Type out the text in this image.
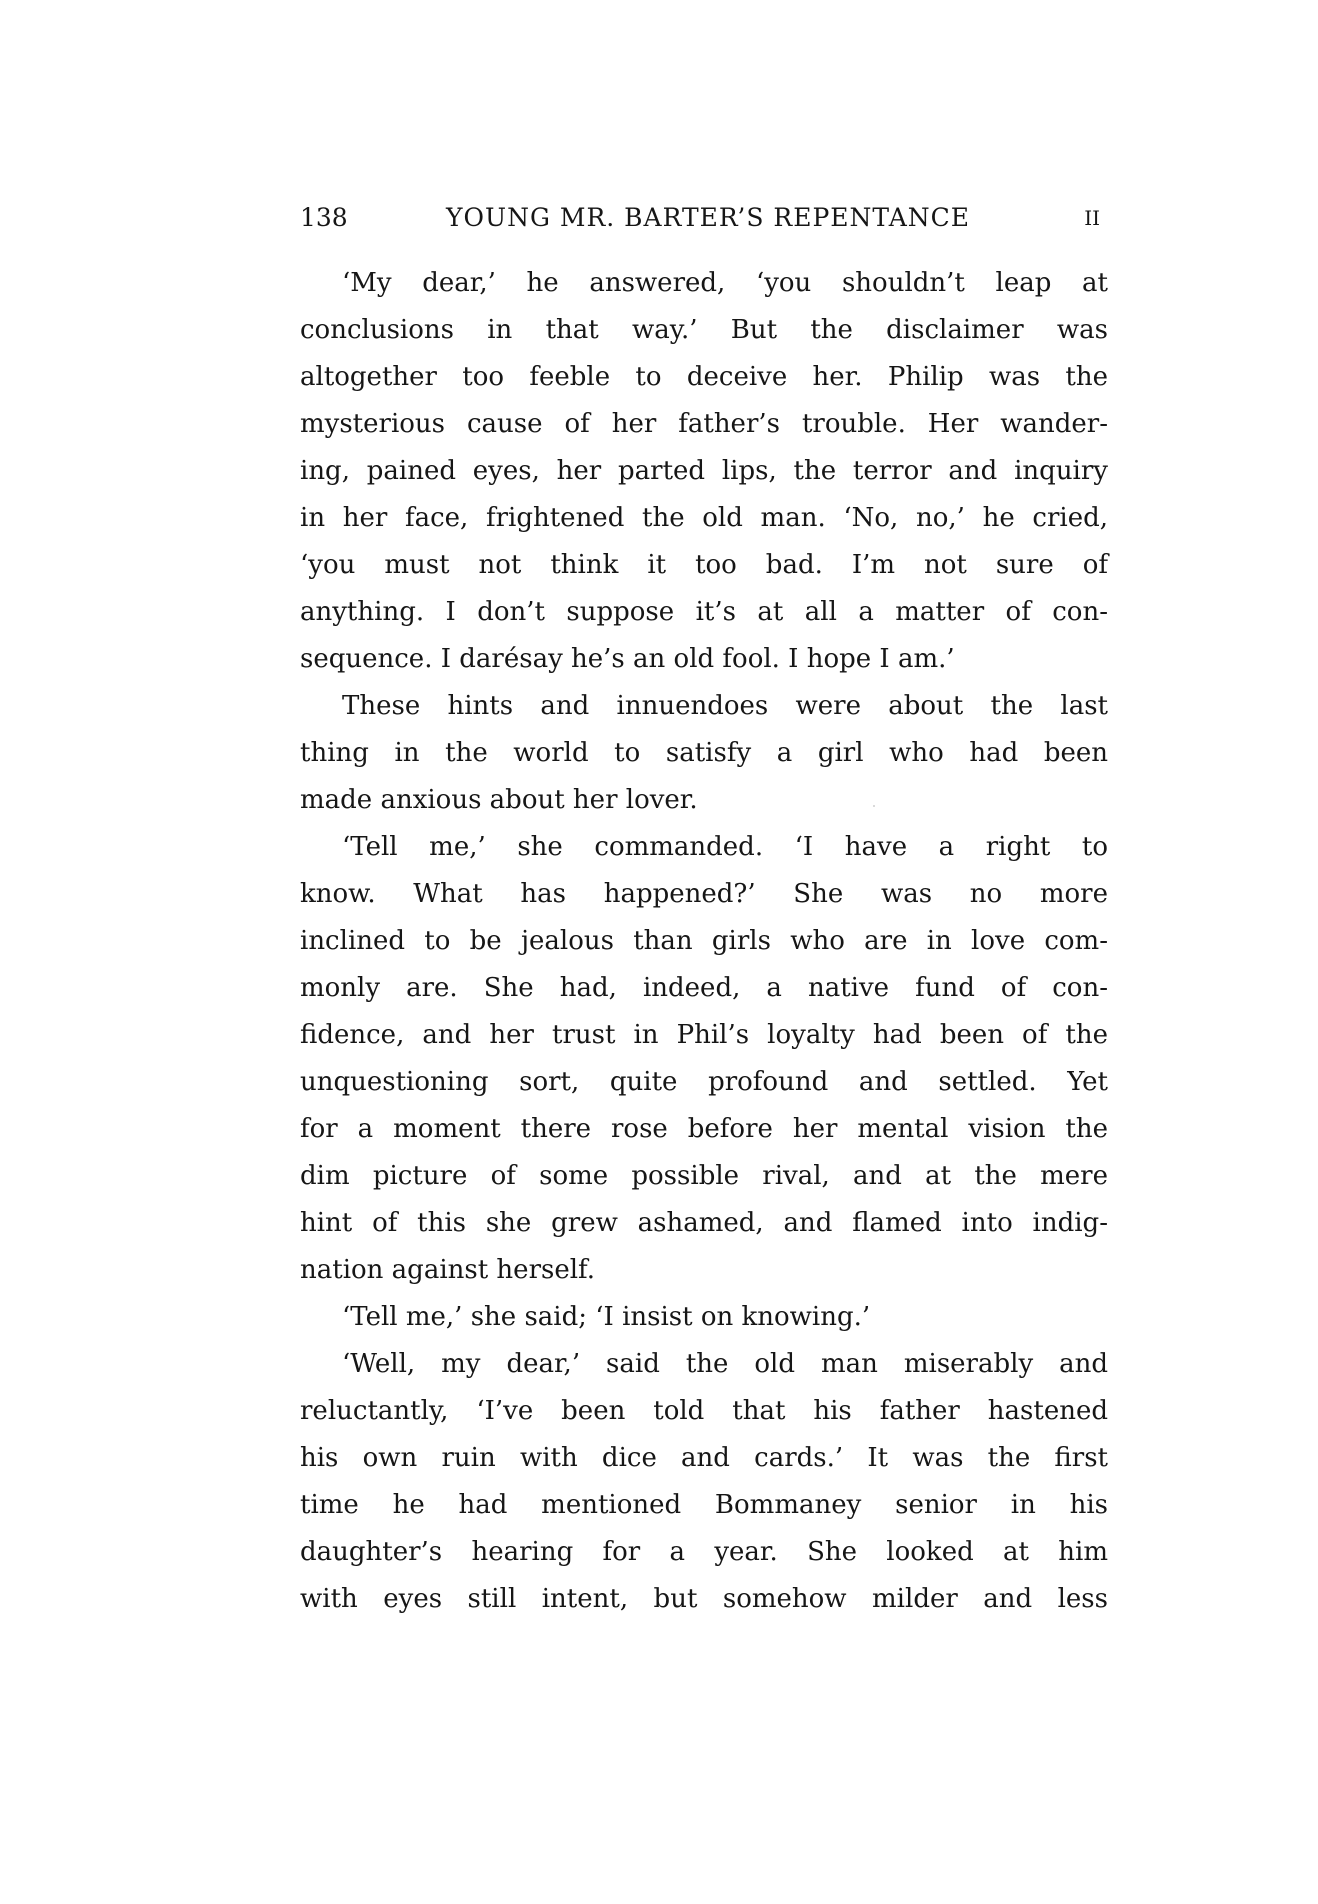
138	YOUNG MR. BARTER’S REPENTANCE	II
‘My dear,’ he answered, ‘you shouldn’t leap at
conclusions in that way.’ But the disclaimer was
altogether too feeble to deceive her. Philip was the
mysterious cause of her father’s trouble. Her wander-
ing, pained eyes, her parted lips, the terror and inquiry
in her face, frightened the old man. ‘No, no,’ he cried,
‘you must not think it too bad. I’m not sure of
anything. I don’t suppose it’s at all a matter of con-
sequence. I darésay he’s an old fool. I hope I am.’
These hints and innuendoes were about the last
thing in the world to satisfy a girl who had been
made anxious about her lover.
‘Tell me,’ she commanded. ‘I have a right to
know. What has happened?’ She was no more
inclined to be jealous than girls who are in love com-
monly are. She had, indeed, a native fund of con-
fidence, and her trust in Phil’s loyalty had been of the
unquestioning sort, quite profound and settled. Yet
for a moment there rose before her mental vision the
dim picture of some possible rival, and at the mere
hint of this she grew ashamed, and flamed into indig-
nation against herself.
‘Tell me,’ she said; ‘I insist on knowing.’
‘Well, my dear,’ said the old man miserably and
reluctantly, ‘I’ve been told that his father hastened
his own ruin with dice and cards.’ It was the first
time he had mentioned Bommaney senior in his
daughter’s hearing for a year. She looked at him
with eyes still intent, but somehow milder and less
